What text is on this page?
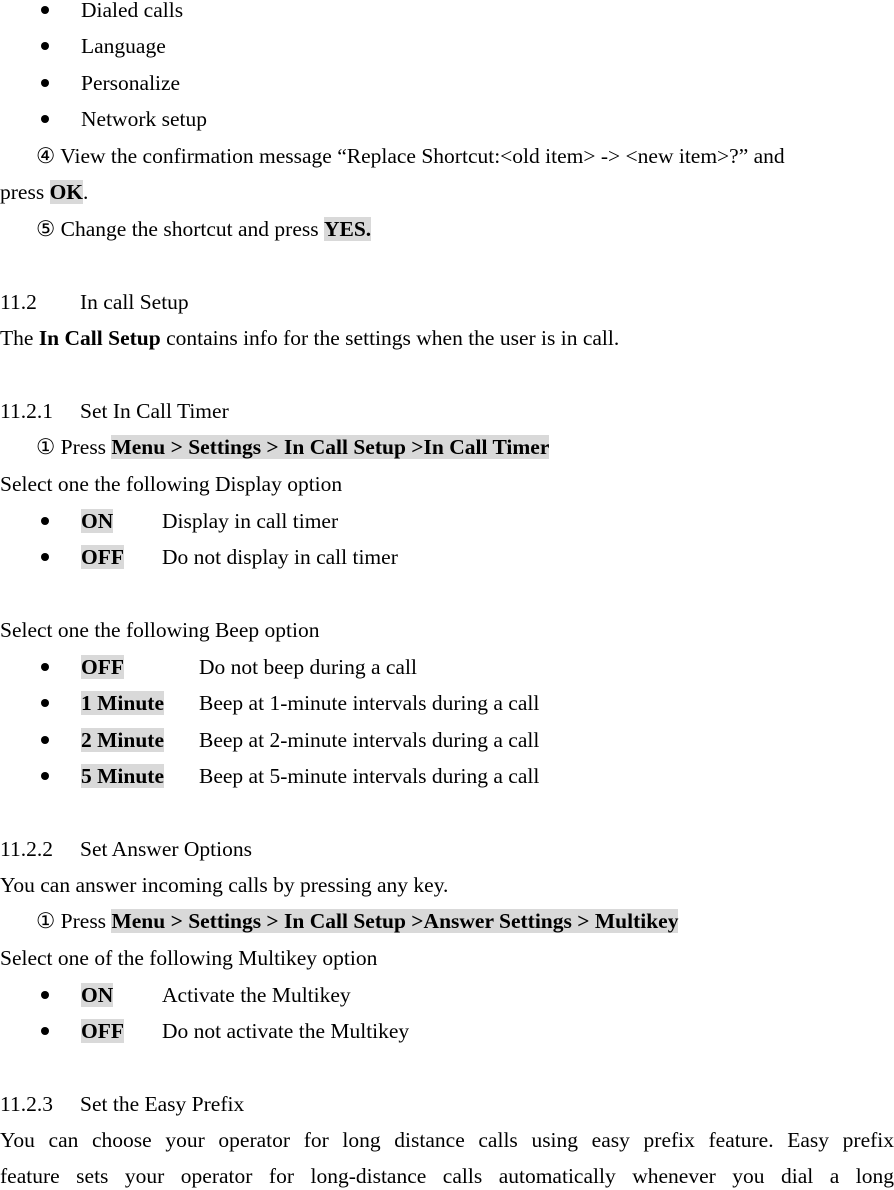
Dialed calls
Language
Personalize
Network setup
④ View the confirmation message “Replace Shortcut:<old item> -> <new item>?” and
press OK.
⑤ Change the shortcut and press YES.
11.2 In call Setup
The In Call Setup contains info for the settings when the user is in call.
11.2.1 Set In Call Timer
① Press Menu > Settings > In Call Setup >In Call Timer
Select one the following Display option
ON Display in call timer
OFF Do not display in call timer
Select one the following Beep option
OFF	Do not beep during a call
1 Minute Beep at 1-minute intervals during a call
2 Minute Beep at 2-minute intervals during a call
5 Minute Beep at 5-minute intervals during a call
11.2.2 Set Answer Options
You can answer incoming calls by pressing any key.
① Press Menu > Settings > In Call Setup >Answer Settings > Multikey
Select one of the following Multikey option
ON Activate the Multikey
OFF Do not activate the Multikey
11.2.3 Set the Easy Prefix
You can choose your operator for long distance calls using easy prefix feature. Easy prefix
feature sets your operator for long-distance calls automatically whenever you dial a long
